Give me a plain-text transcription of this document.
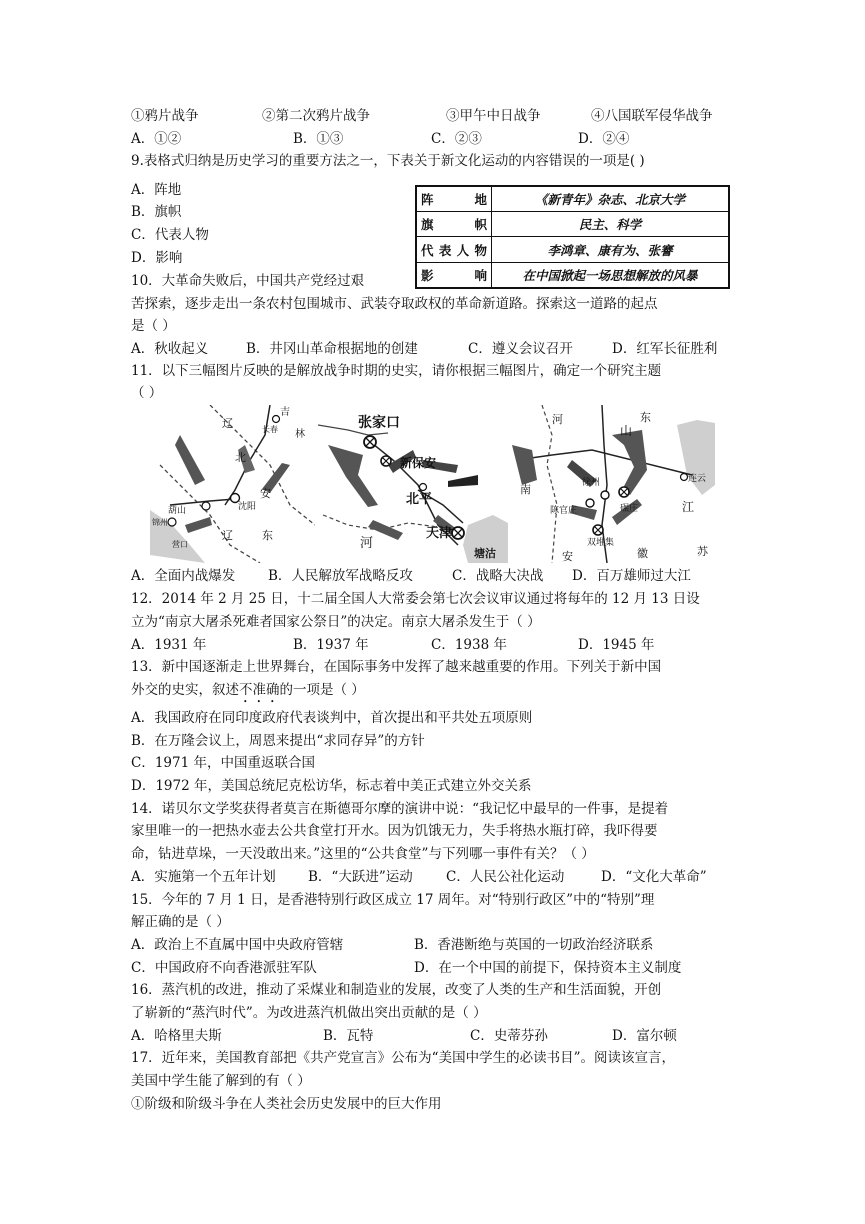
①鸦片战争	②第二次鸦片战争	③甲午中日战争	④八国联军侵华战争
A．①②	B．①③	C．②③	D．②④

9.表格式归纳是历史学习的重要方法之一，下表关于新文化运动的内容错误的一项是( )

A．阵地
B．旗帜
C．代表人物
D．影响
阵 地	《新青年》杂志、北京大学
旗 帜	民主、科学
代表人物	李鸿章、康有为、张謇
影 响	在中国掀起一场思想解放的风暴

10．大革命失败后，中国共产党经过艰

苦探索，逐步走出一条农村包围城市、武装夺取政权的革命新道路。探索这一道路的起点

是（ ）

A．秋收起义	B．井冈山革命根据地的创建	C．遵义会议召开	D．红军长征胜利

11．以下三幅图片反映的是解放战争时期的史实，请你根据三幅图片，确定一个研究主题

（ ）

吉
长春 林
辽
北
安
葫山	沈阳
锦州
营口
辽	东
张家口
新保安
北平
河
天津
塘沽
河
山
东
连云
徐州
碾庄
陈官庄	江
南
双堆集
安	徽	苏
A．全面内战爆发 B．人民解放军战略反攻	C．战略大决战 D．百万雄师过大江

12．2014 年 2 月 25 日，十二届全国人大常委会第七次会议审议通过将每年的 12 月 13 日设

立为“南京大屠杀死难者国家公祭日”的决定。南京大屠杀发生于（ ）

A．1931 年	B．1937 年	C．1938 年	D．1945 年

13．新中国逐渐走上世界舞台，在国际事务中发挥了越来越重要的作用。下列关于新中国

外交的史实，叙述不准确的一项是（ ）

A．我国政府在同印度政府代表谈判中，首次提出和平共处五项原则

B．在万隆会议上，周恩来提出“求同存异”的方针

C．1971 年，中国重返联合国

D．1972 年，美国总统尼克松访华，标志着中美正式建立外交关系

14．诺贝尔文学奖获得者莫言在斯德哥尔摩的演讲中说：“我记忆中最早的一件事，是提着

家里唯一的一把热水壶去公共食堂打开水。因为饥饿无力，失手将热水瓶打碎，我吓得要

命，钻进草垛，一天没敢出来。”这里的“公共食堂”与下列哪一事件有关？（ ）

A．实施第一个五年计划 B．“大跃进”运动 C．人民公社化运动	D．“文化大革命”

15．今年的 7 月 1 日，是香港特别行政区成立 17 周年。对“特别行政区”中的“特别”理

解正确的是（ ）

A．政治上不直属中国中央政府管辖	B．香港断绝与英国的一切政治经济联系
C．中国政府不向香港派驻军队	D．在一个中国的前提下，保持资本主义制度

16．蒸汽机的改进，推动了采煤业和制造业的发展，改变了人类的生产和生活面貌，开创

了崭新的“蒸汽时代”。为改进蒸汽机做出突出贡献的是（ ）

A．哈格里夫斯	B．瓦特	C．史蒂芬孙	D．富尔顿

17．近年来，美国教育部把《共产党宣言》公布为“美国中学生的必读书目”。阅读该宣言，

美国中学生能了解到的有（ ）

①阶级和阶级斗争在人类社会历史发展中的巨大作用
